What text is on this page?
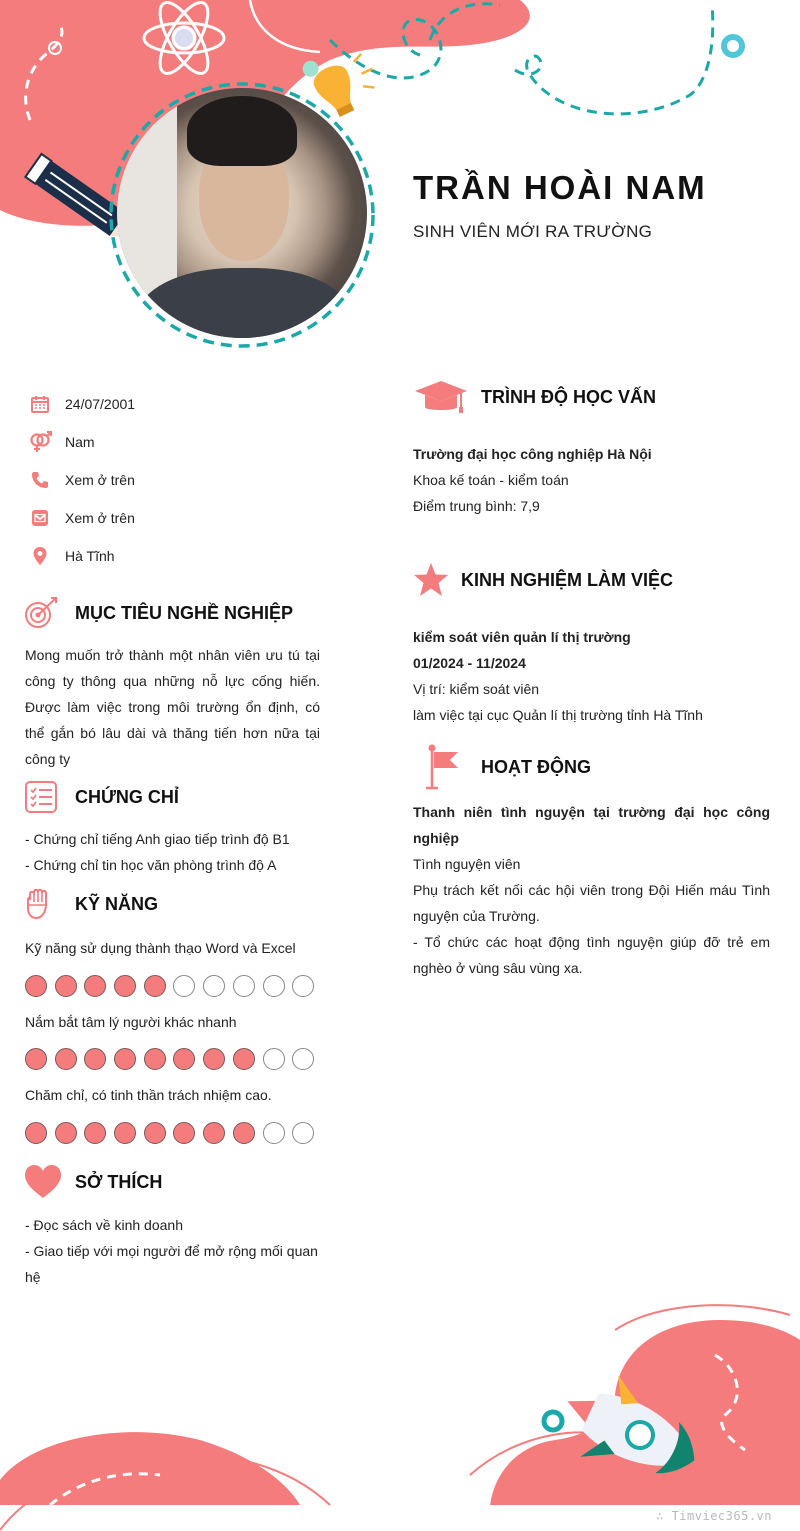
TRẦN HOÀI NAM
SINH VIÊN MỚI RA TRƯỜNG
24/07/2001
Nam
Xem ở trên
Xem ở trên
Hà Tĩnh
MỤC TIÊU NGHỀ NGHIỆP
Mong muốn trở thành một nhân viên ưu tú tại công ty thông qua những nỗ lực cống hiến. Được làm việc trong môi trường ổn định, có thể gắn bó lâu dài và thăng tiến hơn nữa tại công ty
CHỨNG CHỈ
- Chứng chỉ tiếng Anh giao tiếp trình độ B1
- Chứng chỉ tin học văn phòng trình độ A
KỸ NĂNG
Kỹ năng sử dụng thành thạo Word và Excel
Nắm bắt tâm lý người khác nhanh
Chăm chỉ, có tinh thần trách nhiệm cao.
SỞ THÍCH
- Đọc sách về kinh doanh
- Giao tiếp với mọi người để mở rộng mối quan hệ
TRÌNH ĐỘ HỌC VẤN
Trường đại học công nghiệp Hà Nội
Khoa kế toán - kiểm toán
Điểm trung bình: 7,9
KINH NGHIỆM LÀM VIỆC
kiểm soát viên quản lí thị trường
01/2024 - 11/2024
Vị trí: kiểm soát viên
làm việc tại cục Quản lí thị trường tỉnh Hà Tĩnh
HOẠT ĐỘNG
Thanh niên tình nguyện tại trường đại học công nghiệp
Tình nguyện viên
Phụ trách kết nối các hội viên trong Đội Hiến máu Tình nguyện của Trường.
- Tổ chức các hoạt động tình nguyện giúp đỡ trẻ em nghèo ở vùng sâu vùng xa.
∴ Timviec365.vn
